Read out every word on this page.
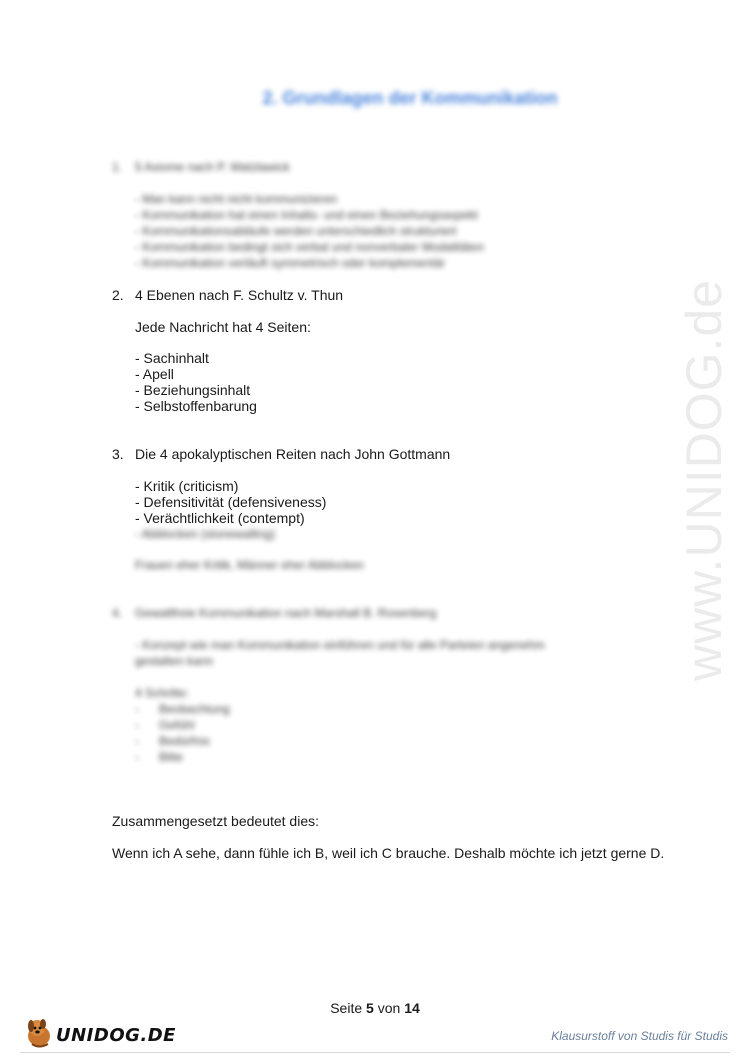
www.UNIDOG.de
2. Grundlagen der Kommunikation
1. 5 Axiome nach P. Watzlawick
- Man kann nicht nicht kommunizieren
- Kommunikation hat einen Inhalts- und einen Beziehungsaspekt
- Kommunikationsabläufe werden unterschiedlich strukturiert
- Kommunikation bedingt sich verbal und nonverbaler Modalitäten
- Kommunikation verläuft symmetrisch oder komplementär
2. 4 Ebenen nach F. Schultz v. Thun
Jede Nachricht hat 4 Seiten:
- Sachinhalt
- Apell
- Beziehungsinhalt
- Selbstoffenbarung
3. Die 4 apokalyptischen Reiten nach John Gottmann
- Kritik (criticism)
- Defensitivität (defensiveness)
- Verächtlichkeit (contempt)
- Abblocken (stonewalling)
Frauen eher Kritik, Männer eher Abblocken
4. Gewaltfreie Kommunikation nach Marshall B. Rosenberg
- Konzept wie man Kommunikation einführen und für alle Parteien angenehm
gestalten kann
4 Schritte:
-      Beobachtung
-      Gefühl
-      Bedürfnis
-      Bitte
Zusammengesetzt bedeutet dies:
Wenn ich A sehe, dann fühle ich B, weil ich C brauche. Deshalb möchte ich jetzt gerne D.
Seite 5 von 14
UNIDOG.DE	Klausurstoff von Studis für Studis
